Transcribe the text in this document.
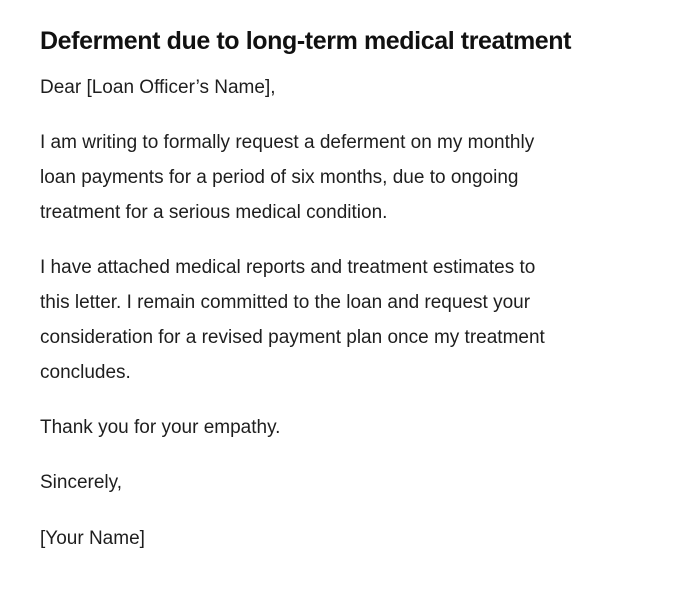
Deferment due to long-term medical treatment

Dear [Loan Officer’s Name],

I am writing to formally request a deferment on my monthly
loan payments for a period of six months, due to ongoing
treatment for a serious medical condition.

I have attached medical reports and treatment estimates to
this letter. I remain committed to the loan and request your
consideration for a revised payment plan once my treatment
concludes.

Thank you for your empathy.

Sincerely,

[Your Name]
